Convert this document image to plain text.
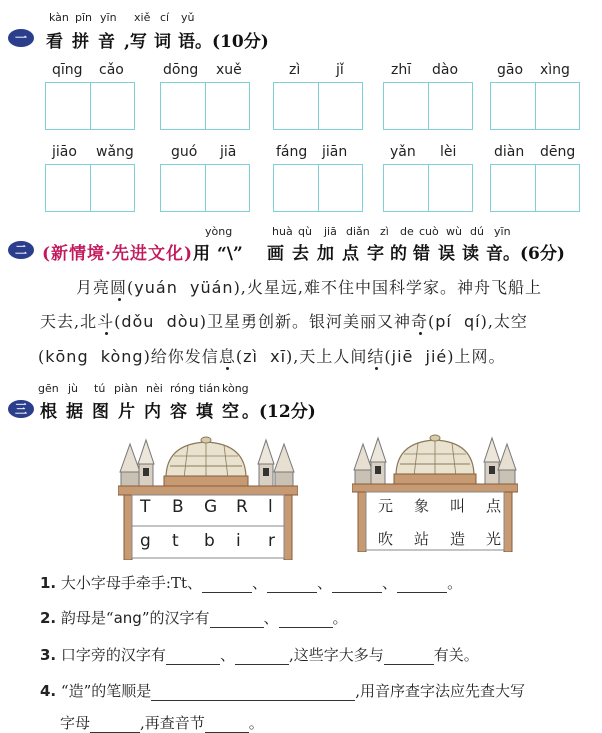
一
kàn pīn yīn xiě cí yǔ
看 拼 音 ,写 词 语。(10分)
qīng cǎo	dōng xuě	zì	jǐ	zhī dào	gāo xìng
jiāo wǎng	guó jiā	fáng jiān	yǎn lèi	diàn dēng
二
yòng	huà qù jiā diǎn zì de cuò wù dú yīn
(新情境·先进文化)用 “\” 画 去 加 点 字 的 错 误 读 音。(6分)
月亮圆(yuán  yüán),火星远,难不住中国科学家。神舟飞船上
天去,北斗(dǒu  dòu)卫星勇创新。银河美丽又神奇(pí  qí),太空
(kōng  kòng)给你发信息(zì  xī),天上人间结(jiē  jié)上网。
三
gēn jù tú piàn nèi róng tián kòng
根 据 图 片 内 容 填 空 。(12分)
T B G R l
g t b i r
元 象 叫 点
吹 站 造 光
1. 大小字母手牵手:Tt、	、	、	、	。
2. 韵母是“ang”的汉字有	、	。
3. 口字旁的汉字有	、	,这些字大多与	有关。
4. “造”的笔顺是	,用音序查字法应先查大写
字母	,再查音节	。
